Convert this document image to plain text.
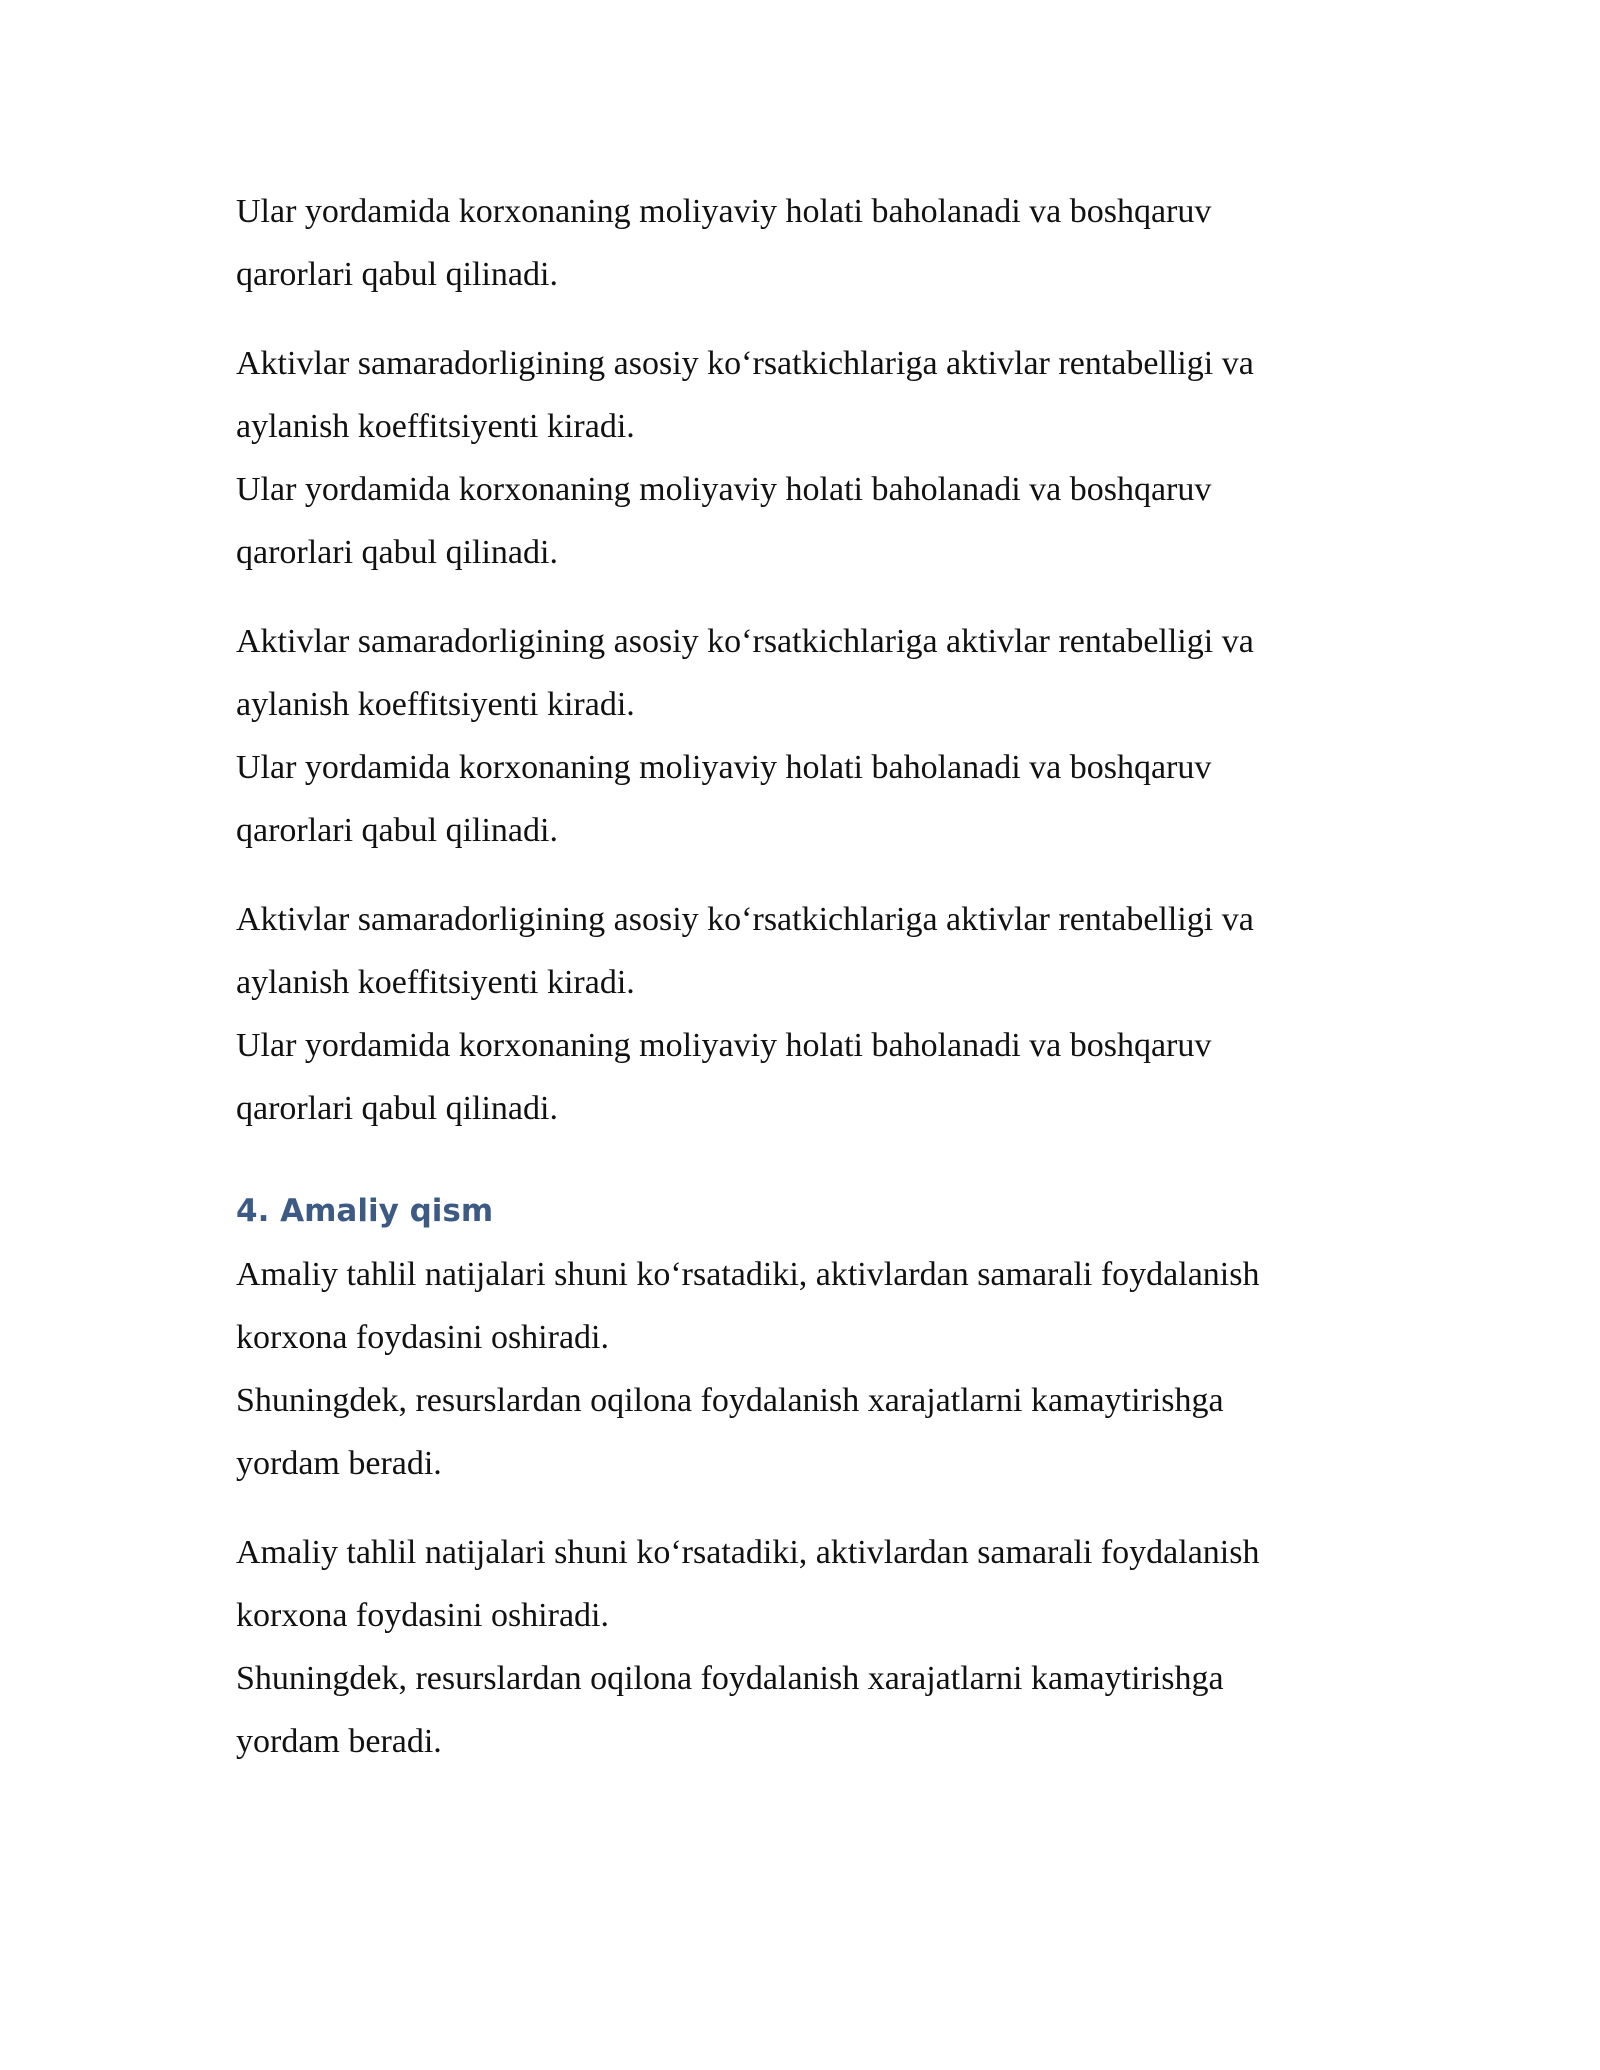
Ular yordamida korxonaning moliyaviy holati baholanadi va boshqaruv
qarorlari qabul qilinadi.

Aktivlar samaradorligining asosiy ko‘rsatkichlariga aktivlar rentabelligi va
aylanish koeffitsiyenti kiradi.
Ular yordamida korxonaning moliyaviy holati baholanadi va boshqaruv
qarorlari qabul qilinadi.

Aktivlar samaradorligining asosiy ko‘rsatkichlariga aktivlar rentabelligi va
aylanish koeffitsiyenti kiradi.
Ular yordamida korxonaning moliyaviy holati baholanadi va boshqaruv
qarorlari qabul qilinadi.

Aktivlar samaradorligining asosiy ko‘rsatkichlariga aktivlar rentabelligi va
aylanish koeffitsiyenti kiradi.
Ular yordamida korxonaning moliyaviy holati baholanadi va boshqaruv
qarorlari qabul qilinadi.

4. Amaliy qism

Amaliy tahlil natijalari shuni ko‘rsatadiki, aktivlardan samarali foydalanish
korxona foydasini oshiradi.
Shuningdek, resurslardan oqilona foydalanish xarajatlarni kamaytirishga
yordam beradi.

Amaliy tahlil natijalari shuni ko‘rsatadiki, aktivlardan samarali foydalanish
korxona foydasini oshiradi.
Shuningdek, resurslardan oqilona foydalanish xarajatlarni kamaytirishga
yordam beradi.
